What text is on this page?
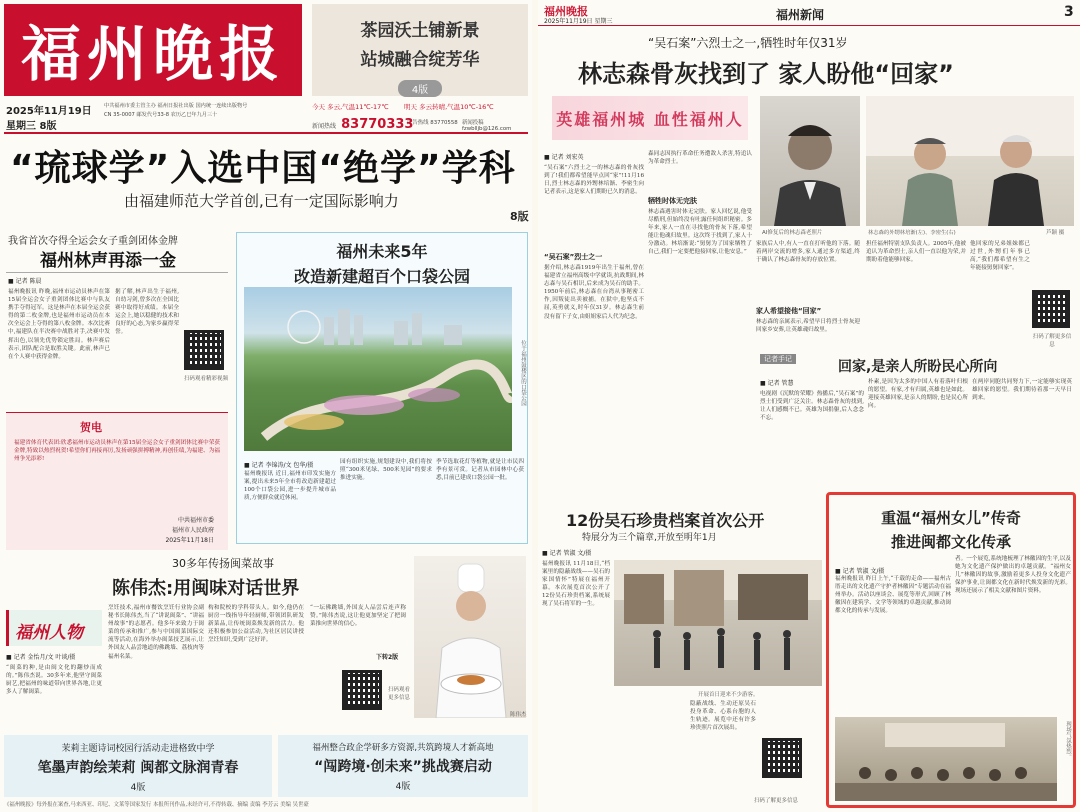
福州晚报	茶园沃土铺新景
站城融合绽芳华
4版
2025年11月19日
星期三 8版
中共福州市委主管主办 福州日报社出版 国内统一连续出版物号 CN 35-0007 邮发代号33-8 农历乙巳年九月三十
今天 多云,气温11℃-17℃ 明天 多云转晴,气温10℃-16℃
新闻热线 83770333
广告热线 83770558 新闻投稿 fzwblljb@126.com
“琉球学”入选中国“绝学”学科
由福建师范大学首创,已有一定国际影响力
8版
我省首次夺得全运会女子重剑团体金牌
福州林声再添一金
■ 记者 陈晨
福州晚报讯 昨晚,福州市运动员林声在第15届全运会女子重剑团体比赛中与队友携手夺得冠军。这是林声在本届全运会获得的第二枚金牌,也是福州市运动员在本次全运会上夺得的第八枚金牌。本次比赛中,福建队在半决赛中战胜对手,决赛中发挥出色,以领先优势锁定胜局。林声赛后表示,团队配合是取胜关键。此前,林声已在个人赛中获得金牌。
据了解,林声出生于福州,自幼习剑,曾多次在全国比赛中取得好成绩。本届全运会上,她以稳健的技术和良好的心态,为家乡赢得荣誉。
扫码观看精彩视频
贺电
福建省体育代表团:欣悉福州市运动员林声在第15届全运会女子重剑团体比赛中荣获金牌,特致以热烈祝贺!希望你们再接再厉,发扬顽强拼搏精神,再创佳绩,为福建、为福州争光添彩!
中共福州市委
福州市人民政府
2025年11月18日
福州未来5年
改造新建超百个口袋公园
位于福州鼓楼区的口袋公园
■ 记者 李锦涛/文 包华/摄
福州晚报讯 近日,福州市印发实施方案,提出未来5年全市将改造新建超过100个口袋公园,进一步提升城市品质,方便群众就近休闲。
园有组织实施,规划建设中,我们将按照“300米见绿、500米见园”的要求推进实施。
季节选取花灯等植物,就是让市民四季有景可赏。记者从市园林中心获悉,目前已建成口袋公园一批。
30多年传扬闽菜故事
陈伟杰:用闽味对话世界
福州人物
■ 记者 金怡月/文 叶谈/摄
“闽菜的种,是由闽文化的翻炒而成的。”陈伟杰说。30多年来,他坚守闽菜厨艺,把福州的味道带向世界各地,让更多人了解闽菜。
烹饪技术,福州市餐饮烹饪行业协会副秘书长陈伟杰,当了“讲说闽菜”、“讲福州故事”的志愿者。他多年来致力于闽菜的传承和推广,参与中国闽菜国际交流等活动,在海外举办闽菜技艺展示,让外国友人品尝地道的佛跳墙、荔枝肉等福州名菜。
构和院校的学科带头人。如今,他仍在厨房一线指导年轻厨师,带领团队研发新菜品,让传统闽菜焕发新的活力。他还积极参加公益活动,为社区居民讲授烹饪知识,受到广泛好评。
“一坛佛跳墙,外国友人品尝后连声称赞。”陈伟杰说,这让他更加坚定了把闽菜推向世界的信心。
下转2版
扫码观看更多信息
陈伟杰
茉莉主题诗词校园行活动走进格致中学
笔墨声韵绘茉莉 闽都文脉润青春
4版
福州整合政企学研多方资源,共筑跨境人才新高地
“闯跨境·创未来”挑战赛启动
4版
《福州晚报》每外报在案查,马来西亚、印尼、文莱等国家发行 本报所刊作品,未经许可,不得转载、摘编 责编 李芳云 美编 吴世豪
福州晚报
2025年11月19日 星期三	福州新闻	3
“吴石案”六烈士之一,牺牲时年仅31岁
林志森骨灰找到了 家人盼他“回家”
英雄福州城 血性福州人
■ 记者 刘宏英
“吴石案”六烈士之一的林志森的骨灰找到了!我们都希望能早点回“家”!11月16日,烈士林志森的外甥林培渐、李密生向记者表示,这是家人们期盼已久的消息。
“吴石案”烈士之一
据介绍,林志森1919年出生于福州,曾在福建省立福州高级中学就读,抗战期间,林志森与吴石相识,后来成为吴石的助手。1950年前后,林志森在台湾从事秘密工作,因叛徒出卖被捕。在狱中,他坚贞不屈,英勇就义,时年仅31岁。林志森生前没有留下子女,由姐姐家后人代为纪念。
森同志因执行革命任务遭敌人杀害,特追认为革命烈士。
牺牲时体无完肤
林志森遇害时体无完肤。家人回忆说,他受尽酷刑,但始终没有吐露任何组织秘密。多年来,家人一直在寻找他的骨灰下落,希望能让他魂归故里。这次终于找到了,家人十分激动。林培渐说:“舅舅为了国家牺牲了自己,我们一定要把他接回家,让他安息。”
AI修复后的林志森老照片	林志森的外甥林培渐(左)、李密生(右)	芦颖 摄
家族后人中,有人一直在打听他的下落。随着两岸交流的增多,家人通过多方渠道,终于确认了林志森骨灰的存放位置。
家人希望接他“回家”
林志森的亲属表示,希望早日将烈士骨灰迎回家乡安葬,让英雄魂归故里。
担任福州特别支队负责人。2005年,他被追认为革命烈士,亲人们一直以他为荣,并期盼着他能够回家。
他回家的兄弟姐妹都已过世,外甥们年事已高,“我们都希望有生之年能接舅舅回家”。
扫码了解更多信息
记者手记	回家,是亲人所盼民心所向
■ 记者 管慧
电视剧《沉默的荣耀》热播后,“吴石案”的烈士们受到广泛关注。林志森骨灰的找到,让人们感慨不已。英雄为国捐躯,后人念念不忘。
朴素,是因为太多的中国人有着落叶归根的愿望。有家,才有归属,英雄也是如此。迎接英雄回家,是亲人的期盼,也是民心所向。
在两岸同胞共同努力下,一定能够实现英雄回家的愿望。我们期待着那一天早日到来。
12份吴石珍贵档案首次公开
特展分为三个篇章,开放至明年1月
■ 记者 管淑 文/摄
福州晚报讯 11月18日,“档案里的隐蔽战线——吴石的家国情怀”特展在福州开幕。本次展览首次公开了12份吴石珍贵档案,系统展现了吴石将军的一生。
开展首日迎来不少游客。
隐蔽战线、生动还原吴石投身革命、心系台胞的人生轨迹。展览中还有许多珍贵照片首次展出。
扫码了解更多信息
重温“福州女儿”传奇
推进闽都文化传承
■ 记者 管淑 文/摄
福州晚报讯 昨日上午,“千载的走命——福州古厝走出的文化遗产守护者林徽因”专题活动在福州举办。活动以座谈会、展览等形式,回顾了林徽因在建筑学、文学等领域的卓越贡献,推动闽都文化的传承与发展。
者。一个展览,系统地梳理了林徽因的生平,以及她为文化遗产保护做出的卓越贡献。“福州女儿”林徽因的故事,激励着更多人投身文化遗产保护事业,让闽都文化在新时代焕发新的光彩。现场还展示了相关文献和图片资料。
现场气氛热烈。
